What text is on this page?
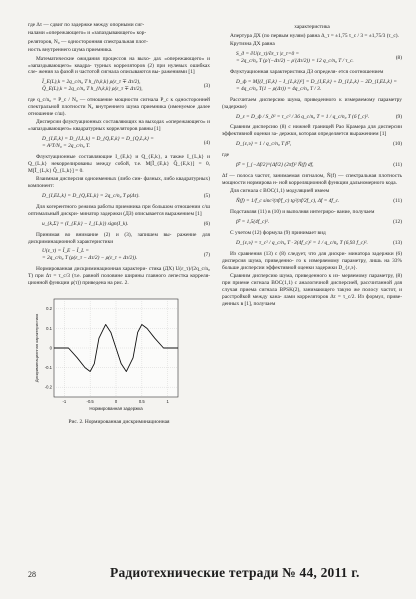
где Δτ — сдвиг по задержке между опорными сиг-

налами «опережающего» и «запаздывающего» кор-

реляторов, N₀ — односторонняя спектральная плот-

ность внутреннего шума приемника.

Математические ожидания процессов на выхо- дах «опережающего» и «запаздывающего» квадра- турных корреляторов (2) при нулевых ошибках сле- жения за фазой и частотой сигнала описываются вы- ражениями [1]

Ī_E(L),k = 2q_c/n₀ T h_{h,k,k} ρ(ε_τ ∓ Δτ/2),
Q̄_E(L),k = 2q_c/n₀ T h_{h,k,k} ρ(ε_τ ∓ Δτ/2),
(3)

где q_c/n₀ = P_c / N₀ — отношение мощности сигнала P_c к односторонней спектральной плотности N₀ внутреннего шума приемника (именуемое далее отношение с/ш).

Дисперсии флуктуационных составляющих на выходах «опережающего» и «запаздывающего» квадратурных корреляторов равны [1]

D_{I,E,k} = D_{I,L,k} = D_{Q,E,k} = D_{Q,L,k} =
= A²T/N₀ = 2q_c/n₀ T.
(4)

Флуктуационные составляющие I_{E,k} и Q_{E,k}, а также I_{L,k} и Q_{L,k} некоррелированы между собой, т.е. M[Ĩ_{E,k} Q̃_{E,k}] = 0, M[Ĩ_{L,k} Q̃_{L,k}] = 0.

Взаимная дисперсия одноименных (либо син- фазных, либо квадратурных) компонент:

D_{I,EL,k} = D_{Q,EL,k} = 2q_c/n₀ T ρ(Δτ).	(5)

Для когерентного режима работы приемника при большом отношении с/ш оптимальный дискри- минатор задержки (ДЗ) описывается выражением [1]

u_{k,Σ} = (I_{E,k} − I_{L,k}) sign(I_k).	(6)

Принимая во внимание (2) и (3), запишем вы- ражение для дискриминационной характеристики

U(ε_τ) = Ī_E − Ī_L =
= 2q_c/n₀ T (ρ(ε_τ − Δτ/2) − ρ(ε_τ + Δτ/2)).
(7)

Нормированная дискриминационная характери- стика (ДХ) U(ε_τ)/(2q_c/n₀ T) при Δτ = τ_c/3 (т.е. равной половине ширины главного лепестка корреля- ционной функции ρ(τ)) приведена на рис. 2.

-1	-0.5	0	0.5	1
0.2
0.1
0
-0.1
-0.2
Нормированная задержка
Дискриминационная характеристика
Рис. 2. Нормированная дискриминационная

характеристика

Апертура ДХ (по первым нулям) равна Δ_τ = ±1,75 τ_c / 3 = ±1,75/3 (τ_c).

Крутизна ДХ равна

S_д = ∂U(ε_τ)/∂ε_τ |ε_τ=0 =
= 2q_c/n₀ T (ρ′(−Δτ/2) − ρ′(Δτ/2)) = 12 q_c/n₀ T / τ_c.
(8)

Флуктуационная характеристика ДЗ определя- ется соотношением

D_ф = M[(I_{E,k} − I_{L,k})²] = D_{I,E,k} + D_{I,L,k} − 2D_{I,EL,k} =
= 4q_c/n₀ T(1 − ρ(Δτ)) = 4q_c/n₀ T / 3.

Рассчитаем дисперсию шума, приведенного к измеряемому параметру (задержке)

D_ε = D_ф / S_д² = τ_c² / 36 q_c/n₀ T = 1 / q_c/n₀ T (6 f_c)².	(9)

Сравним дисперсию (8) с нижней границей Рао Крамера для дисперсии эффективной оценки за- держки, которая определяется выражением [1]

D_{ε,э} = 1 / q_c/n₀ T β̃²,	(10)

где

β̃² = ∫_{−Δf/2}^{Δf/2} (2πf)² Ñ(f) df,	(11)

Δf — полоса частот, занимаемая сигналом, Ñ(f) — спектральная плотность мощности нормирова н- ной корреляционной функции дальномерного кода.

Для сигнала с BOC(1,1) модуляцией имеем

Ñ(f) = 1/f_c sinc²(πf/f_c) tg²(πf/2f_c), Δf = 4f_c.	(11)

Подставляя (11) в (10) и выполняя интегриро- вание, получаем

β̃² = 1,5(4f_c)².	(12)

С учетом (12) формула (9) принимает вид

D_{ε,э} = τ_c² / q_c/n₀ T · 3(4f_c)² = 1 / q_c/n₀ T (6,93 f_c)².	(13)

Из сравнения (13) с (8) следует, что для дискри- минатора задержки (6) дисперсия шума, приведенно- го к измеряемому параметру, лишь на 33% больше дисперсии эффективной оценки задержки D_{ε,э}.

Сравним дисперсию шума, приведенного к из- меряемому параметру, (8) при приеме сигнала BOC(1,1) с аналогичной дисперсией, рассчитанной для случая приема сигнала BPSK(2), занимающего такую же полосу частот, и расстройкой между кана- лами корреляторов Δτ = τ_c/2. Из формул, приве- денных в [1], получаем

28	Радиотехнические тетради № 44, 2011 г.
